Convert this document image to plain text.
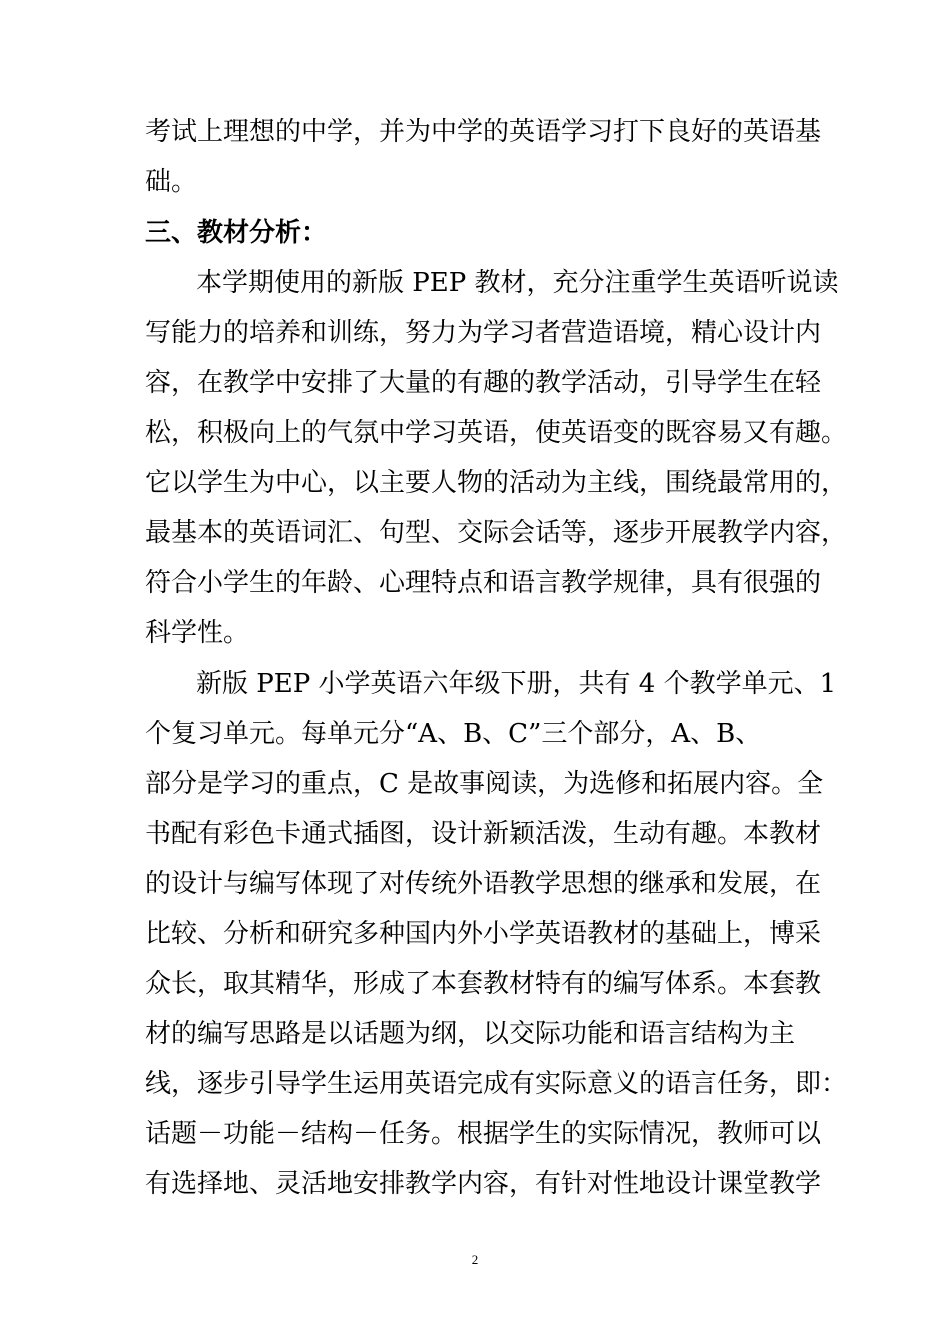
考试上理想的中学，并为中学的英语学习打下良好的英语基
础。
三、教材分析：
本学期使用的新版 PEP 教材，充分注重学生英语听说读
写能力的培养和训练，努力为学习者营造语境，精心设计内
容，在教学中安排了大量的有趣的教学活动，引导学生在轻
松，积极向上的气氛中学习英语，使英语变的既容易又有趣。
它以学生为中心，以主要人物的活动为主线，围绕最常用的，
最基本的英语词汇、句型、交际会话等，逐步开展教学内容，
符合小学生的年龄、心理特点和语言教学规律，具有很强的
科学性。
新版 PEP 小学英语六年级下册，共有 4 个教学单元、1
个复习单元。每单元分“A、B、C”三个部分，A、B、
部分是学习的重点，C 是故事阅读，为选修和拓展内容。全
书配有彩色卡通式插图，设计新颖活泼，生动有趣。本教材
的设计与编写体现了对传统外语教学思想的继承和发展，在
比较、分析和研究多种国内外小学英语教材的基础上，博采
众长，取其精华，形成了本套教材特有的编写体系。本套教
材的编写思路是以话题为纲，以交际功能和语言结构为主
线，逐步引导学生运用英语完成有实际意义的语言任务，即：
话题－功能－结构－任务。根据学生的实际情况，教师可以
有选择地、灵活地安排教学内容，有针对性地设计课堂教学
2
